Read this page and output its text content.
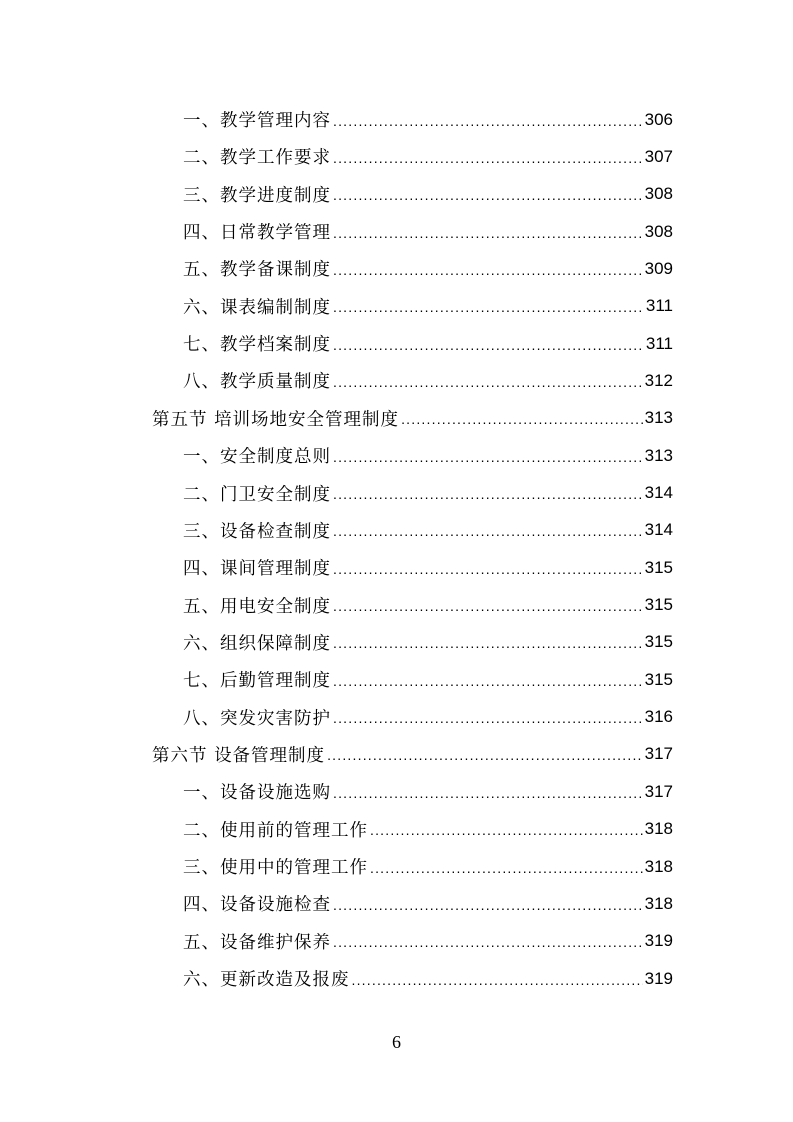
一、教学管理内容 .....	306
二、教学工作要求 .....	307
三、教学进度制度 .....	308
四、日常教学管理 .....	308
五、教学备课制度 .....	309
六、课表编制制度 .....	311
七、教学档案制度 .....	311
八、教学质量制度 .....	312
第五节 培训场地安全管理制度 .....	313
一、安全制度总则 .....	313
二、门卫安全制度 .....	314
三、设备检查制度 .....	314
四、课间管理制度 .....	315
五、用电安全制度 .....	315
六、组织保障制度 .....	315
七、后勤管理制度 .....	315
八、突发灾害防护 .....	316
第六节 设备管理制度 .....	317
一、设备设施选购 .....	317
二、使用前的管理工作 .....	318
三、使用中的管理工作 .....	318
四、设备设施检查 .....	318
五、设备维护保养 .....	319
六、更新改造及报废 .....	319
6
